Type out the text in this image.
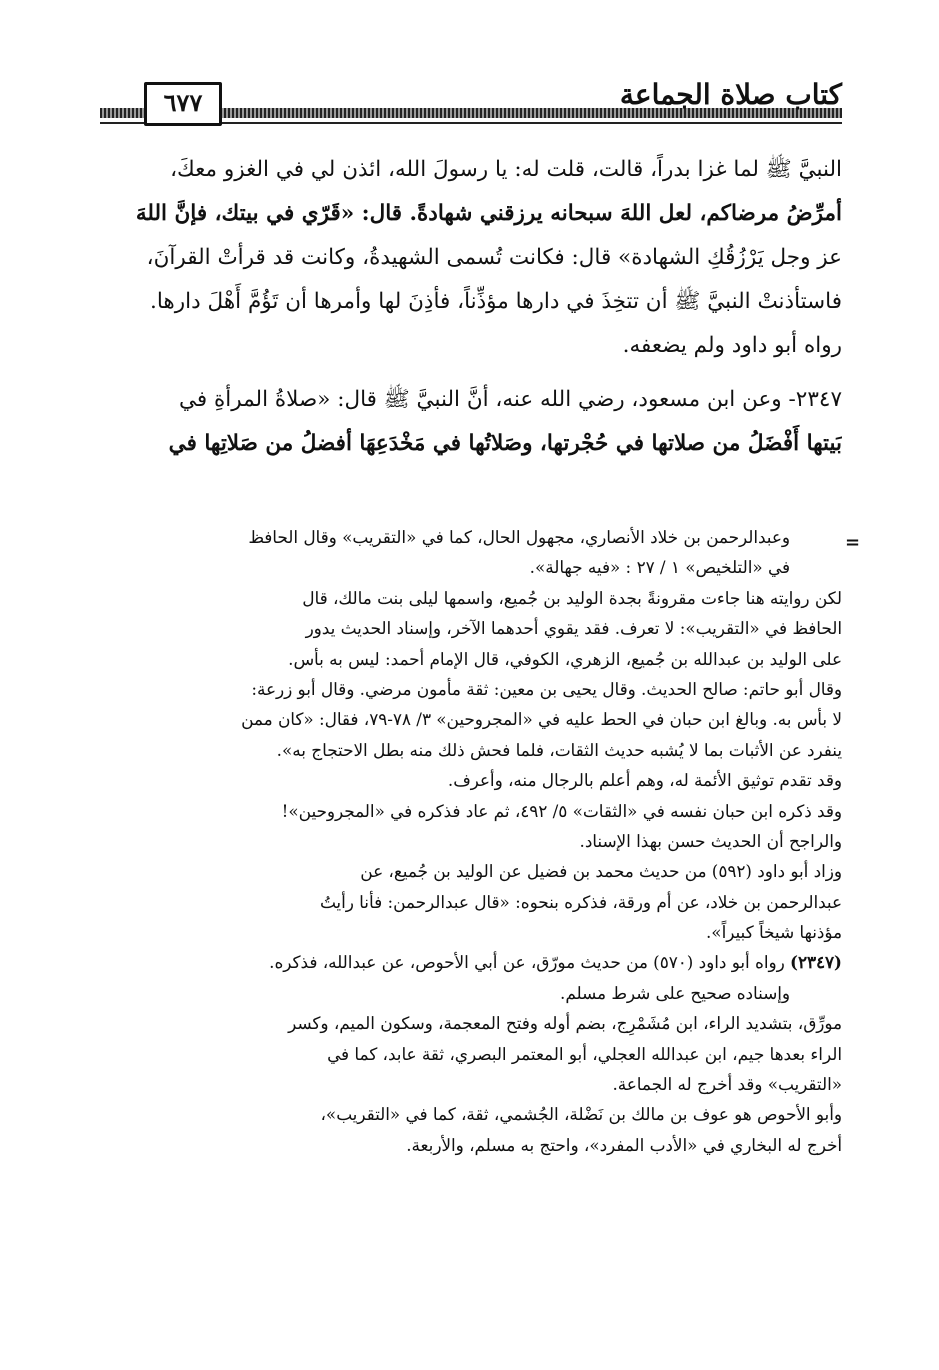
٦٧٧	كتاب صلاة الجماعة
النبيَّ ﷺ لما غزا بدراً، قالت، قلت له: يا رسولَ الله، ائذن لي في الغزو معكَ،
أمرِّضُ مرضاكم، لعل اللهَ سبحانه يرزقني شهادةً. قال: «قَرّي في بيتك، فإنَّ اللهَ
عز وجل يَرْزُقُكِ الشهادة» قال: فكانت تُسمى الشهيدةُ، وكانت قد قرأتْ القرآنَ،
فاستأذنتْ النبيَّ ﷺ أن تتخِذَ في دارها مؤذِّناً، فأذِنَ لها وأمرها أن تَؤُمَّ أَهْلَ دارها.
رواه أبو داود ولم يضعفه.
٢٣٤٧- وعن ابن مسعود، رضي الله عنه، أنَّ النبيَّ ﷺ قال: «صلاةُ المرأةِ في
بَيتها أَفْضَلُ من صلاتها في حُجْرتها، وصَلاتُها في مَخْدَعِهَا أفضلُ من صَلاتِها في
=
وعبدالرحمن بن خلاد الأنصاري، مجهول الحال، كما في «التقريب» وقال الحافظ
في «التلخيص» ١ / ٢٧ : «فيه جهالة».
لكن روايته هنا جاءت مقرونةً بجدة الوليد بن جُميع، واسمها ليلى بنت مالك، قال
الحافظ في «التقريب»: لا تعرف. فقد يقوي أحدهما الآخر، وإسناد الحديث يدور
على الوليد بن عبدالله بن جُميع، الزهري، الكوفي، قال الإمام أحمد: ليس به بأس.
وقال أبو حاتم: صالح الحديث. وقال يحيى بن معين: ثقة مأمون مرضي. وقال أبو زرعة:
لا بأس به. وبالغ ابن حبان في الحط عليه في «المجروحين» ٣/ ٧٨-٧٩، فقال: «كان ممن
ينفرد عن الأثبات بما لا يُشبه حديث الثقات، فلما فحش ذلك منه بطل الاحتجاج به».
وقد تقدم توثيق الأئمة له، وهم أعلم بالرجال منه، وأعرف.
وقد ذكره ابن حبان نفسه في «الثقات» ٥/ ٤٩٢، ثم عاد فذكره في «المجروحين»!
والراجح أن الحديث حسن بهذا الإسناد.
وزاد أبو داود (٥٩٢) من حديث محمد بن فضيل عن الوليد بن جُميع، عن
عبدالرحمن بن خلاد، عن أم ورقة، فذكره بنحوه: «قال عبدالرحمن: فأنا رأيتُ
مؤذنها شيخاً كبيراً».
(٢٣٤٧) رواه أبو داود (٥٧٠) من حديث مورّق، عن أبي الأحوص، عن عبدالله، فذكره.
وإسناده صحيح على شرط مسلم.
مورِّق، بتشديد الراء، ابن مُشَمْرِج، بضم أوله وفتح المعجمة، وسكون الميم، وكسر
الراء بعدها جيم، ابن عبدالله العجلي، أبو المعتمر البصري، ثقة عابد، كما في
«التقريب» وقد أخرج له الجماعة.
وأبو الأحوص هو عوف بن مالك بن نَضْلة، الجُشمي، ثقة، كما في «التقريب»،
أخرج له البخاري في «الأدب المفرد»، واحتج به مسلم، والأربعة.
